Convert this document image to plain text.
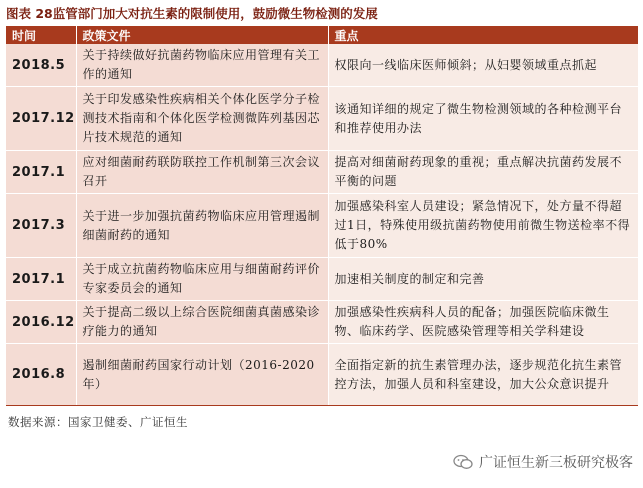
图表 28监管部门加大对抗生素的限制使用，鼓励微生物检测的发展
时间	政策文件	重点
2018.5	关于持续做好抗菌药物临床应用管理有关工作的通知	权限向一线临床医师倾斜；从妇婴领域重点抓起
2017.12	关于印发感染性疾病相关个体化医学分子检测技术指南和个体化医学检测微阵列基因芯片技术规范的通知	该通知详细的规定了微生物检测领域的各种检测平台和推荐使用办法
2017.1	应对细菌耐药联防联控工作机制第三次会议召开	提高对细菌耐药现象的重视；重点解决抗菌药发展不平衡的问题
2017.3	关于进一步加强抗菌药物临床应用管理遏制细菌耐药的通知	加强感染科室人员建设；紧急情况下，处方量不得超过1日，特殊使用级抗菌药物使用前微生物送检率不得低于80%
2017.1	关于成立抗菌药物临床应用与细菌耐药评价专家委员会的通知	加速相关制度的制定和完善
2016.12	关于提高二级以上综合医院细菌真菌感染诊疗能力的通知	加强感染性疾病科人员的配备；加强医院临床微生物、临床药学、医院感染管理等相关学科建设
2016.8	遏制细菌耐药国家行动计划（2016-2020年）	全面指定新的抗生素管理办法，逐步规范化抗生素管控方法，加强人员和科室建设，加大公众意识提升
数据来源：国家卫健委、广证恒生
广证恒生新三板研究极客
